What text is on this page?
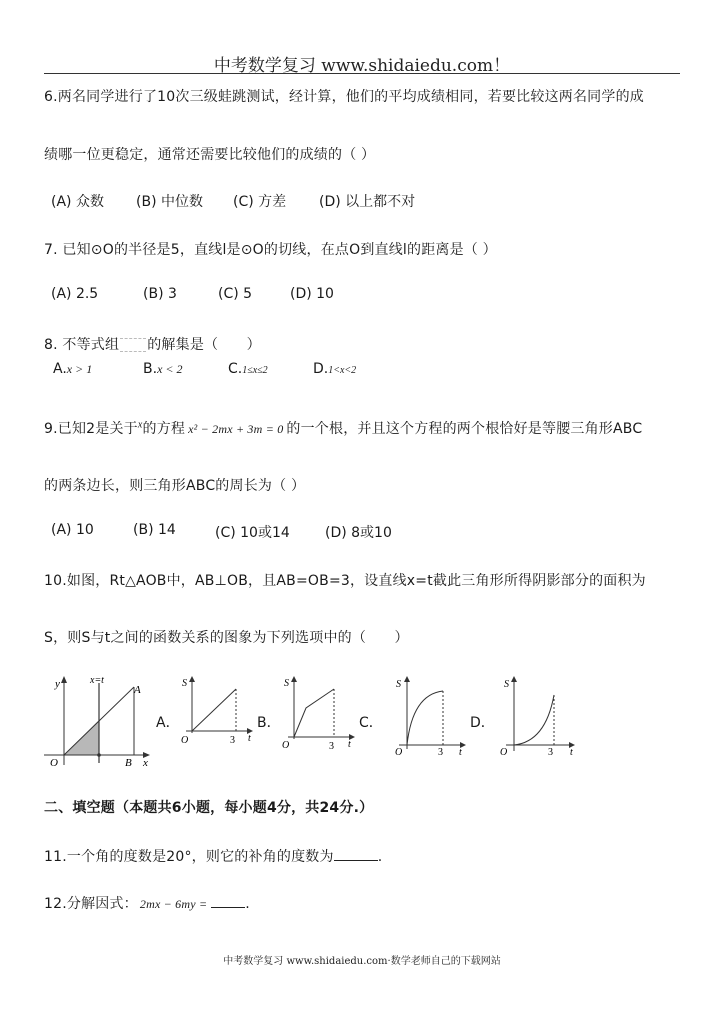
中考数学复习 www.shidaiedu.com！
6.两名同学进行了10次三级蛙跳测试，经计算，他们的平均成绩相同，若要比较这两名同学的成
绩哪一位更稳定，通常还需要比较他们的成绩的（ ）
(A) 众数 (B) 中位数 (C) 方差 (D) 以上都不对
7. 已知⊙O的半径是5，直线l是⊙O的切线，在点O到直线l的距离是（ ）
(A) 2.5	(B) 3	(C) 5	(D) 10
8. 不等式组 的解集是（　　）
A.x > 1	B.x < 2	C.1≤x≤2	D.1<x<2
9.已知2是关于$^x$的方程 x² − 2mx + 3m = 0 的一个根，并且这个方程的两个根恰好是等腰三角形ABC
的两条边长，则三角形ABC的周长为（ ）
(A) 10	(B) 14	(C) 10或14	(D) 8或10
10.如图，Rt△AOB中，AB⊥OB，且AB=OB=3，设直线x=t截此三角形所得阴影部分的面积为
S，则S与t之间的函数关系的图象为下列选项中的（　　）
y	x=t
A
O	B x
A．
S
O	3 t
B．
S
O	3 t
C．
S
O	3 t
D．
S
O	3 t
二、填空题（本题共6小题，每小题4分，共24分.）
11.一个角的度数是20°，则它的补角的度数为	.
12.分解因式： 2mx − 6my =	.
中考数学复习 www.shidaiedu.com·数学老师自己的下载网站
